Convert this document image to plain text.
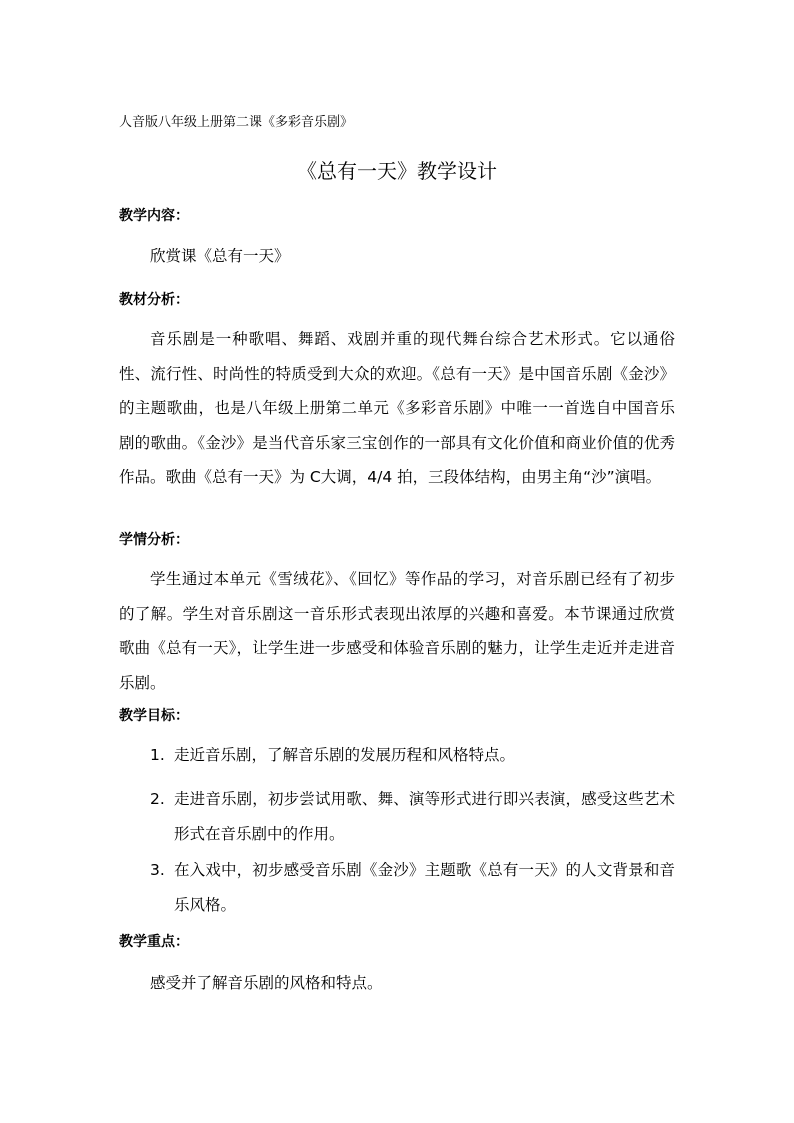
人音版八年级上册第二课《多彩音乐剧》
《总有一天》教学设计
教学内容：
欣赏课《总有一天》
教材分析：
音乐剧是一种歌唱、舞蹈、戏剧并重的现代舞台综合艺术形式。它以通俗性、流行性、时尚性的特质受到大众的欢迎。《总有一天》是中国音乐剧《金沙》的主题歌曲，也是八年级上册第二单元《多彩音乐剧》中唯一一首选自中国音乐剧的歌曲。《金沙》是当代音乐家三宝创作的一部具有文化价值和商业价值的优秀作品。歌曲《总有一天》为 C大调，4/4 拍，三段体结构，由男主角“沙”演唱。
学情分析：
学生通过本单元《雪绒花》、《回忆》等作品的学习，对音乐剧已经有了初步的了解。学生对音乐剧这一音乐形式表现出浓厚的兴趣和喜爱。本节课通过欣赏歌曲《总有一天》，让学生进一步感受和体验音乐剧的魅力，让学生走近并走进音乐剧。
教学目标：
1. 走近音乐剧，了解音乐剧的发展历程和风格特点。
2. 走进音乐剧，初步尝试用歌、舞、演等形式进行即兴表演，感受这些艺术形式在音乐剧中的作用。
3. 在入戏中，初步感受音乐剧《金沙》主题歌《总有一天》的人文背景和音乐风格。
教学重点：
感受并了解音乐剧的风格和特点。
